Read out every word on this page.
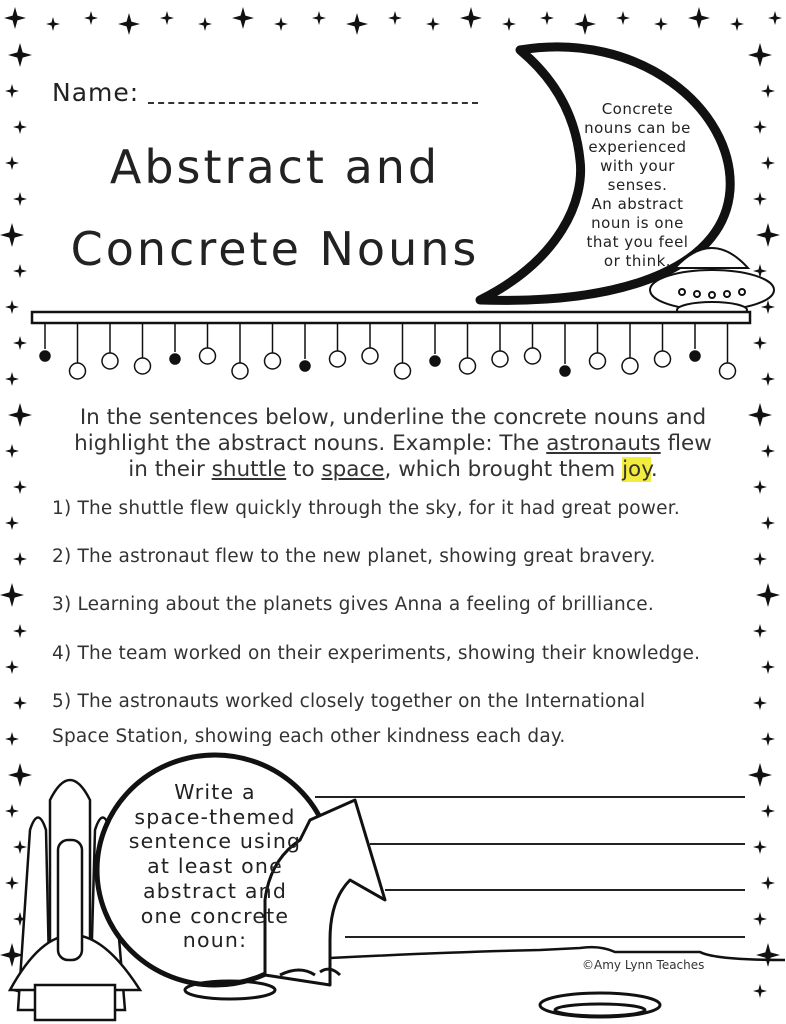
Name:
Abstract and
Concrete Nouns
Concrete
nouns can be
experienced
with your
senses.
An abstract
noun is one
that you feel
or think.
In the sentences below, underline the concrete nouns and
highlight the abstract nouns. Example: The astronauts flew
in their shuttle to space, which brought them joy.
1) The shuttle flew quickly through the sky, for it had great power.
2) The astronaut flew to the new planet, showing great bravery.
3) Learning about the planets gives Anna a feeling of brilliance.
4) The team worked on their experiments, showing their knowledge.
5) The astronauts worked closely together on the International
Space Station, showing each other kindness each day.
Write a
space-themed
sentence using
at least one
abstract and
one concrete
noun:
©Amy Lynn Teaches
